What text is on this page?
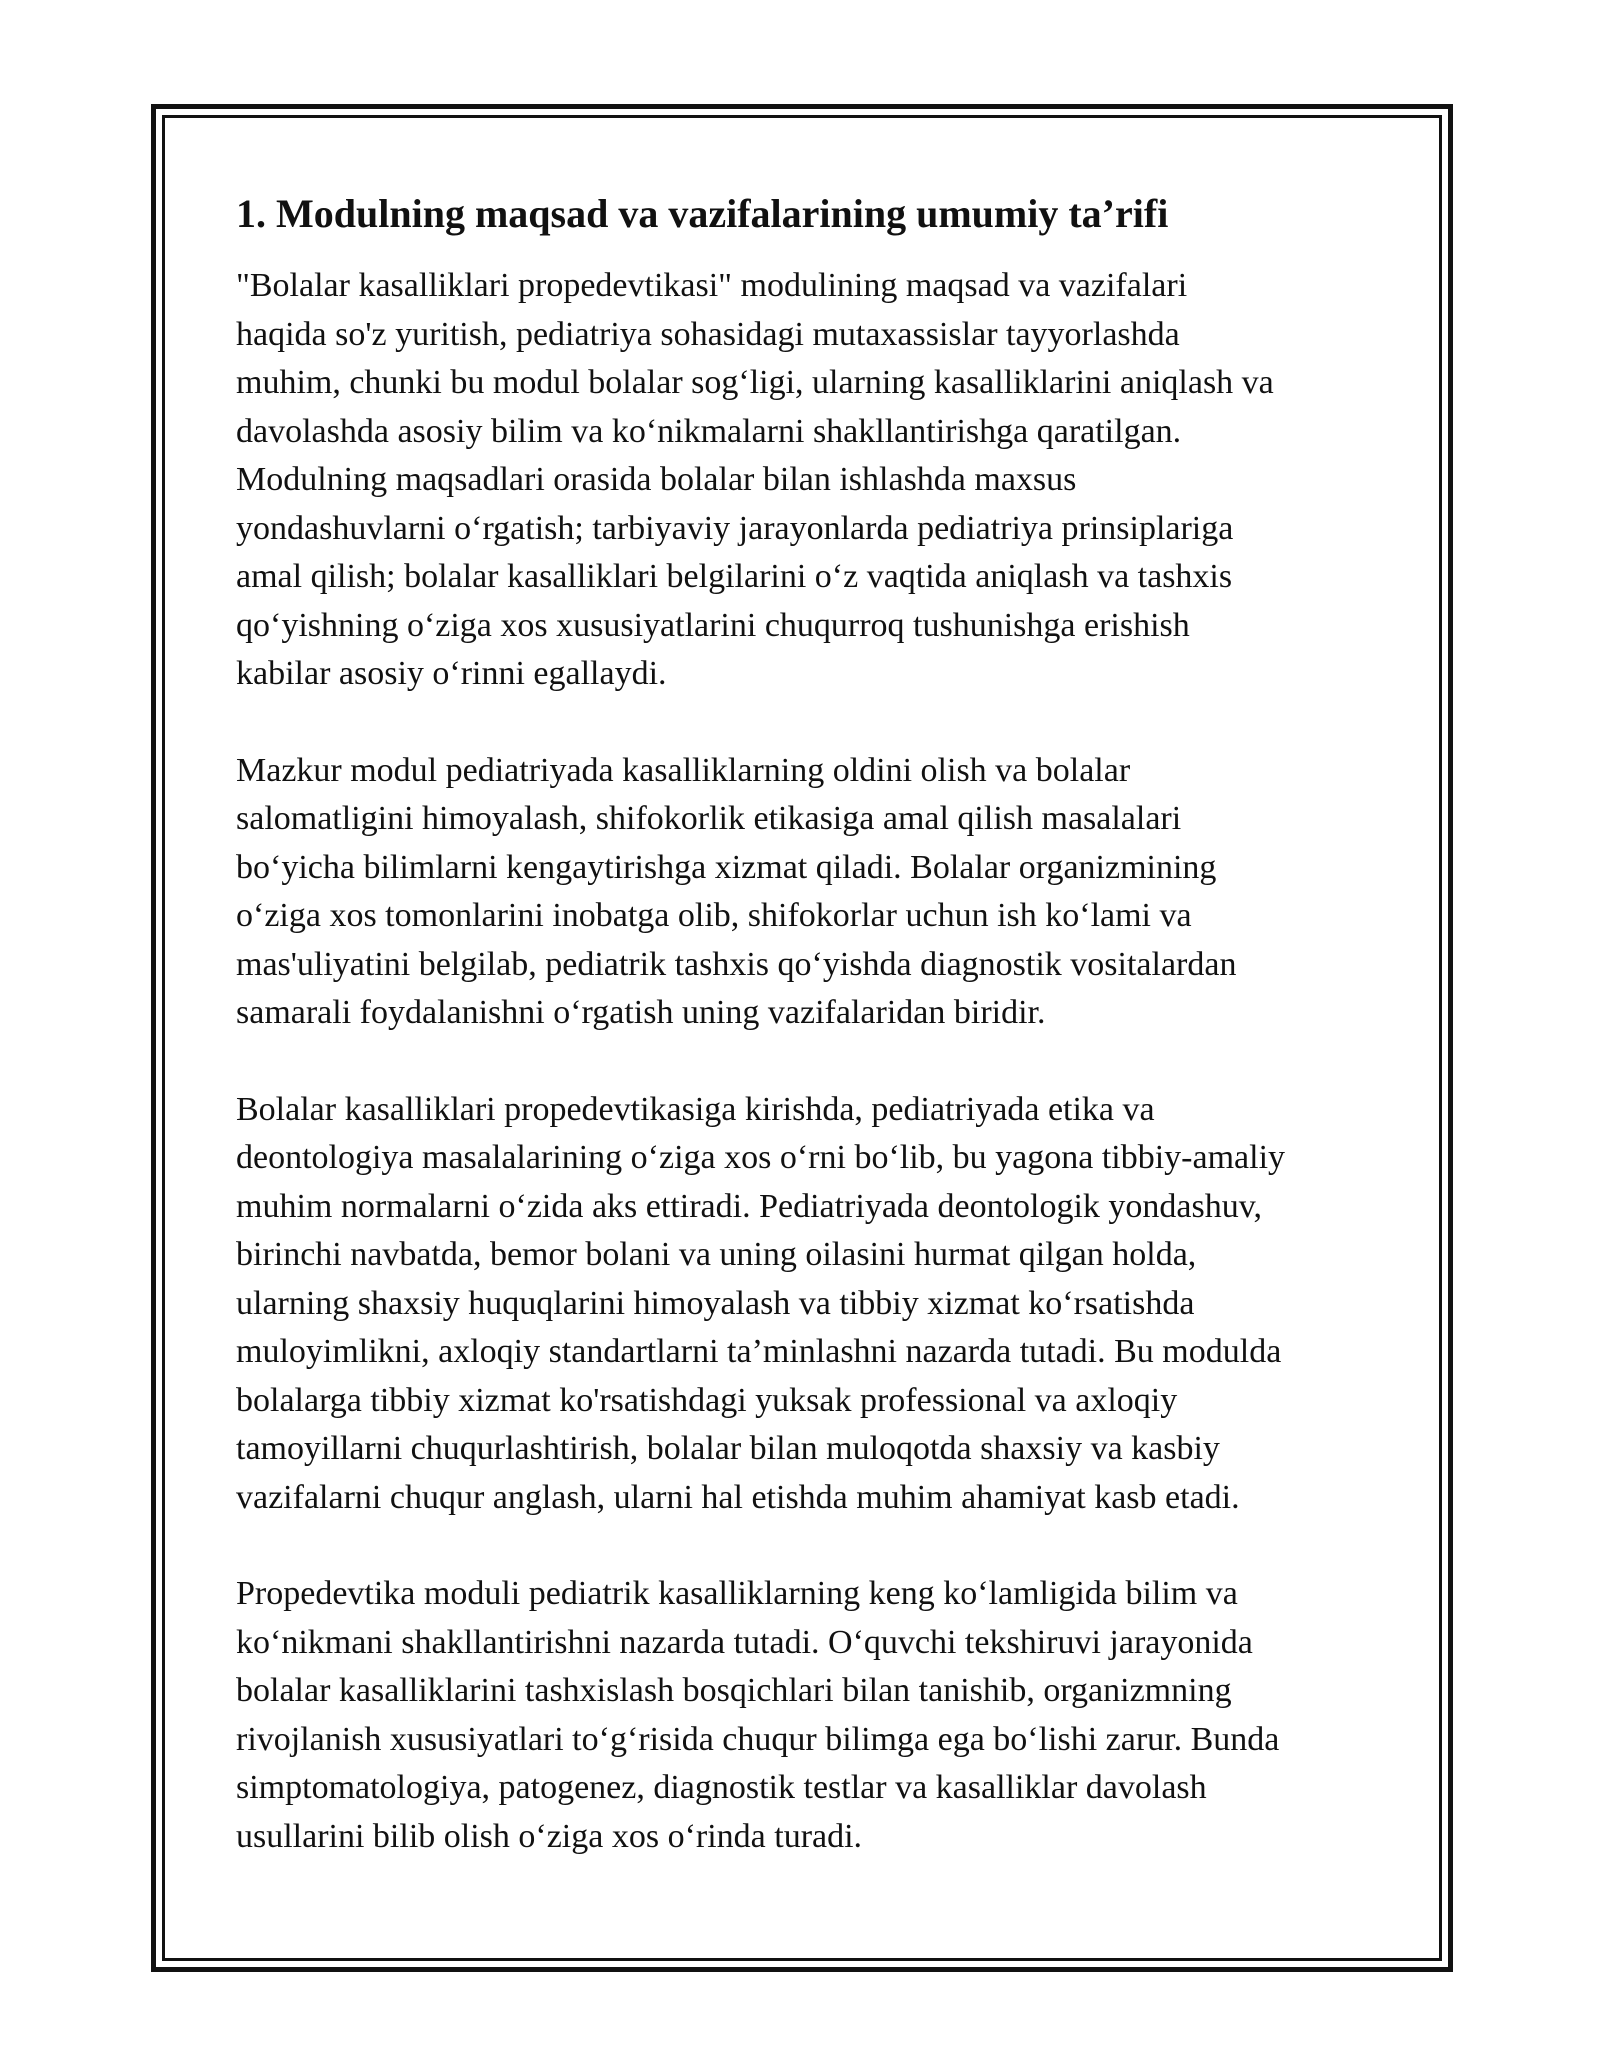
1. Modulning maqsad va vazifalarining umumiy ta’rifi

"Bolalar kasalliklari propedevtikasi" modulining maqsad va vazifalari
haqida so'z yuritish, pediatriya sohasidagi mutaxassislar tayyorlashda
muhim, chunki bu modul bolalar sog‘ligi, ularning kasalliklarini aniqlash va
davolashda asosiy bilim va ko‘nikmalarni shakllantirishga qaratilgan.
Modulning maqsadlari orasida bolalar bilan ishlashda maxsus
yondashuvlarni o‘rgatish; tarbiyaviy jarayonlarda pediatriya prinsiplariga
amal qilish; bolalar kasalliklari belgilarini o‘z vaqtida aniqlash va tashxis
qo‘yishning o‘ziga xos xususiyatlarini chuqurroq tushunishga erishish
kabilar asosiy o‘rinni egallaydi.

Mazkur modul pediatriyada kasalliklarning oldini olish va bolalar
salomatligini himoyalash, shifokorlik etikasiga amal qilish masalalari
bo‘yicha bilimlarni kengaytirishga xizmat qiladi. Bolalar organizmining
o‘ziga xos tomonlarini inobatga olib, shifokorlar uchun ish ko‘lami va
mas'uliyatini belgilab, pediatrik tashxis qo‘yishda diagnostik vositalardan
samarali foydalanishni o‘rgatish uning vazifalaridan biridir.

Bolalar kasalliklari propedevtikasiga kirishda, pediatriyada etika va
deontologiya masalalarining o‘ziga xos o‘rni bo‘lib, bu yagona tibbiy-amaliy
muhim normalarni o‘zida aks ettiradi. Pediatriyada deontologik yondashuv,
birinchi navbatda, bemor bolani va uning oilasini hurmat qilgan holda,
ularning shaxsiy huquqlarini himoyalash va tibbiy xizmat ko‘rsatishda
muloyimlikni, axloqiy standartlarni ta’minlashni nazarda tutadi. Bu modulda
bolalarga tibbiy xizmat ko'rsatishdagi yuksak professional va axloqiy
tamoyillarni chuqurlashtirish, bolalar bilan muloqotda shaxsiy va kasbiy
vazifalarni chuqur anglash, ularni hal etishda muhim ahamiyat kasb etadi.

Propedevtika moduli pediatrik kasalliklarning keng ko‘lamligida bilim va
ko‘nikmani shakllantirishni nazarda tutadi. O‘quvchi tekshiruvi jarayonida
bolalar kasalliklarini tashxislash bosqichlari bilan tanishib, organizmning
rivojlanish xususiyatlari to‘g‘risida chuqur bilimga ega bo‘lishi zarur. Bunda
simptomatologiya, patogenez, diagnostik testlar va kasalliklar davolash
usullarini bilib olish o‘ziga xos o‘rinda turadi.
